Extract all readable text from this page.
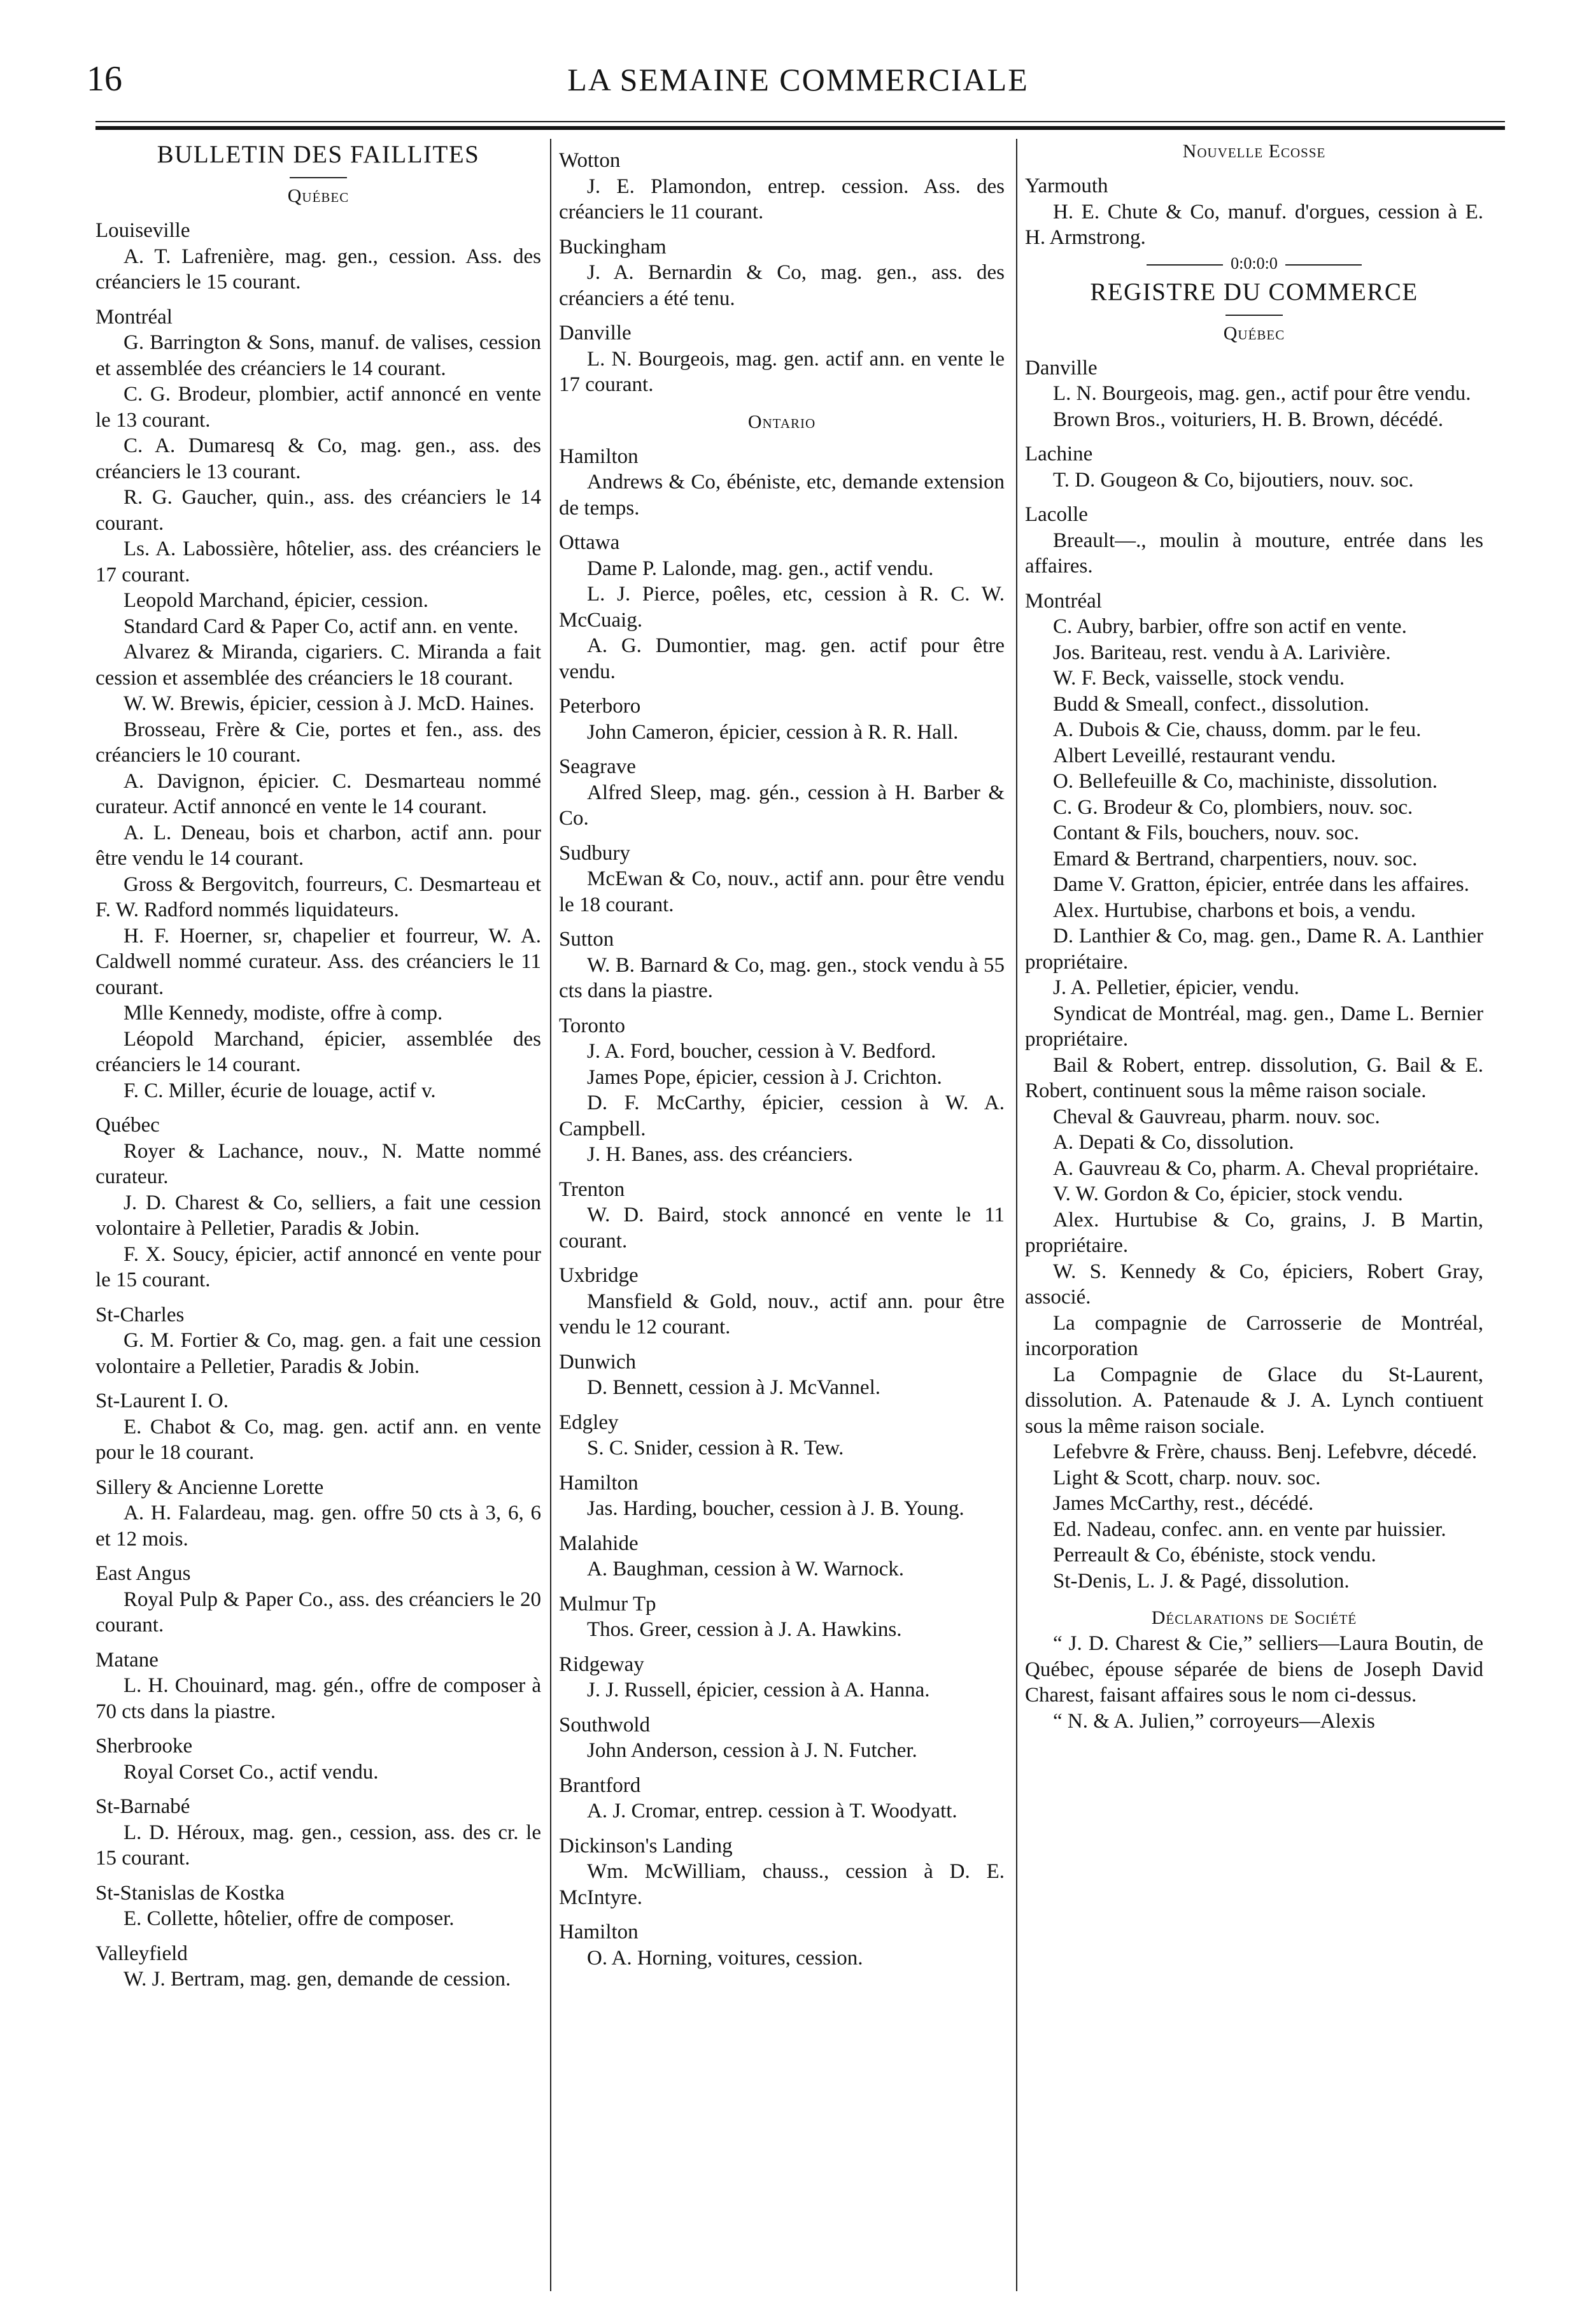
16	LA SEMAINE COMMERCIALE
BULLETIN DES FAILLITES
Québec
Louiseville

A. T. Lafrenière, mag. gen., cession. Ass. des créanciers le 15 courant.

Montréal

G. Barrington & Sons, manuf. de valises, cession et assemblée des créanciers le 14 courant.

C. G. Brodeur, plombier, actif annoncé en vente le 13 courant.

C. A. Dumaresq & Co, mag. gen., ass. des créanciers le 13 courant.

R. G. Gaucher, quin., ass. des créanciers le 14 courant.

Ls. A. Labossière, hôtelier, ass. des créanciers le 17 courant.

Leopold Marchand, épicier, cession.

Standard Card & Paper Co, actif ann. en vente.

Alvarez & Miranda, cigariers. C. Miranda a fait cession et assemblée des créanciers le 18 courant.

W. W. Brewis, épicier, cession à J. McD. Haines.

Brosseau, Frère & Cie, portes et fen., ass. des créanciers le 10 courant.

A. Davignon, épicier. C. Desmarteau nommé curateur. Actif annoncé en vente le 14 courant.

A. L. Deneau, bois et charbon, actif ann. pour être vendu le 14 courant.

Gross & Bergovitch, fourreurs, C. Desmarteau et F. W. Radford nommés liquidateurs.

H. F. Hoerner, sr, chapelier et fourreur, W. A. Caldwell nommé curateur. Ass. des créanciers le 11 courant.

Mlle Kennedy, modiste, offre à comp.

Léopold Marchand, épicier, assemblée des créanciers le 14 courant.

F. C. Miller, écurie de louage, actif v.

Québec

Royer & Lachance, nouv., N. Matte nommé curateur.

J. D. Charest & Co, selliers, a fait une cession volontaire à Pelletier, Paradis & Jobin.

F. X. Soucy, épicier, actif annoncé en vente pour le 15 courant.

St-Charles

G. M. Fortier & Co, mag. gen. a fait une cession volontaire a Pelletier, Paradis & Jobin.

St-Laurent I. O.

E. Chabot & Co, mag. gen. actif ann. en vente pour le 18 courant.

Sillery & Ancienne Lorette

A. H. Falardeau, mag. gen. offre 50 cts à 3, 6, 6 et 12 mois.

East Angus

Royal Pulp & Paper Co., ass. des créanciers le 20 courant.

Matane

L. H. Chouinard, mag. gén., offre de composer à 70 cts dans la piastre.

Sherbrooke

Royal Corset Co., actif vendu.

St-Barnabé

L. D. Héroux, mag. gen., cession, ass. des cr. le 15 courant.

St-Stanislas de Kostka

E. Collette, hôtelier, offre de composer.

Valleyfield

W. J. Bertram, mag. gen, demande de cession.

Wotton

J. E. Plamondon, entrep. cession. Ass. des créanciers le 11 courant.

Buckingham

J. A. Bernardin & Co, mag. gen., ass. des créanciers a été tenu.

Danville

L. N. Bourgeois, mag. gen. actif ann. en vente le 17 courant.

Ontario
Hamilton

Andrews & Co, ébéniste, etc, demande extension de temps.

Ottawa

Dame P. Lalonde, mag. gen., actif vendu.

L. J. Pierce, poêles, etc, cession à R. C. W. McCuaig.

A. G. Dumontier, mag. gen. actif pour être vendu.

Peterboro

John Cameron, épicier, cession à R. R. Hall.

Seagrave

Alfred Sleep, mag. gén., cession à H. Barber & Co.

Sudbury

McEwan & Co, nouv., actif ann. pour être vendu le 18 courant.

Sutton

W. B. Barnard & Co, mag. gen., stock vendu à 55 cts dans la piastre.

Toronto

J. A. Ford, boucher, cession à V. Bedford.

James Pope, épicier, cession à J. Crichton.

D. F. McCarthy, épicier, cession à W. A. Campbell.

J. H. Banes, ass. des créanciers.

Trenton

W. D. Baird, stock annoncé en vente le 11 courant.

Uxbridge

Mansfield & Gold, nouv., actif ann. pour être vendu le 12 courant.

Dunwich

D. Bennett, cession à J. McVannel.

Edgley

S. C. Snider, cession à R. Tew.

Hamilton

Jas. Harding, boucher, cession à J. B. Young.

Malahide

A. Baughman, cession à W. Warnock.

Mulmur Tp

Thos. Greer, cession à J. A. Hawkins.

Ridgeway

J. J. Russell, épicier, cession à A. Hanna.

Southwold

John Anderson, cession à J. N. Futcher.

Brantford

A. J. Cromar, entrep. cession à T. Woodyatt.

Dickinson's Landing

Wm. McWilliam, chauss., cession à D. E. McIntyre.

Hamilton

O. A. Horning, voitures, cession.

Nouvelle Ecosse
Yarmouth

H. E. Chute & Co, manuf. d'orgues, cession à E. H. Armstrong.

0:0:0:0
REGISTRE DU COMMERCE
Québec
Danville

L. N. Bourgeois, mag. gen., actif pour être vendu.

Brown Bros., voituriers, H. B. Brown, décédé.

Lachine

T. D. Gougeon & Co, bijoutiers, nouv. soc.

Lacolle

Breault—., moulin à mouture, entrée dans les affaires.

Montréal

C. Aubry, barbier, offre son actif en vente.

Jos. Bariteau, rest. vendu à A. Larivière.

W. F. Beck, vaisselle, stock vendu.

Budd & Smeall, confect., dissolution.

A. Dubois & Cie, chauss, domm. par le feu.

Albert Leveillé, restaurant vendu.

O. Bellefeuille & Co, machiniste, dissolution.

C. G. Brodeur & Co, plombiers, nouv. soc.

Contant & Fils, bouchers, nouv. soc.

Emard & Bertrand, charpentiers, nouv. soc.

Dame V. Gratton, épicier, entrée dans les affaires.

Alex. Hurtubise, charbons et bois, a vendu.

D. Lanthier & Co, mag. gen., Dame R. A. Lanthier propriétaire.

J. A. Pelletier, épicier, vendu.

Syndicat de Montréal, mag. gen., Dame L. Bernier propriétaire.

Bail & Robert, entrep. dissolution, G. Bail & E. Robert, continuent sous la même raison sociale.

Cheval & Gauvreau, pharm. nouv. soc.

A. Depati & Co, dissolution.

A. Gauvreau & Co, pharm. A. Cheval propriétaire.

V. W. Gordon & Co, épicier, stock vendu.

Alex. Hurtubise & Co, grains, J. B Martin, propriétaire.

W. S. Kennedy & Co, épiciers, Robert Gray, associé.

La compagnie de Carrosserie de Montréal, incorporation

La Compagnie de Glace du St-Laurent, dissolution. A. Patenaude & J. A. Lynch contiuent sous la même raison sociale.

Lefebvre & Frère, chauss. Benj. Lefebvre, décedé.

Light & Scott, charp. nouv. soc.

James McCarthy, rest., décédé.

Ed. Nadeau, confec. ann. en vente par huissier.

Perreault & Co, ébéniste, stock vendu.

St-Denis, L. J. & Pagé, dissolution.

Déclarations de Société

“ J. D. Charest & Cie,” selliers—Laura Boutin, de Québec, épouse séparée de biens de Joseph David Charest, faisant affaires sous le nom ci-dessus.

“ N. & A. Julien,” corroyeurs—Alexis
